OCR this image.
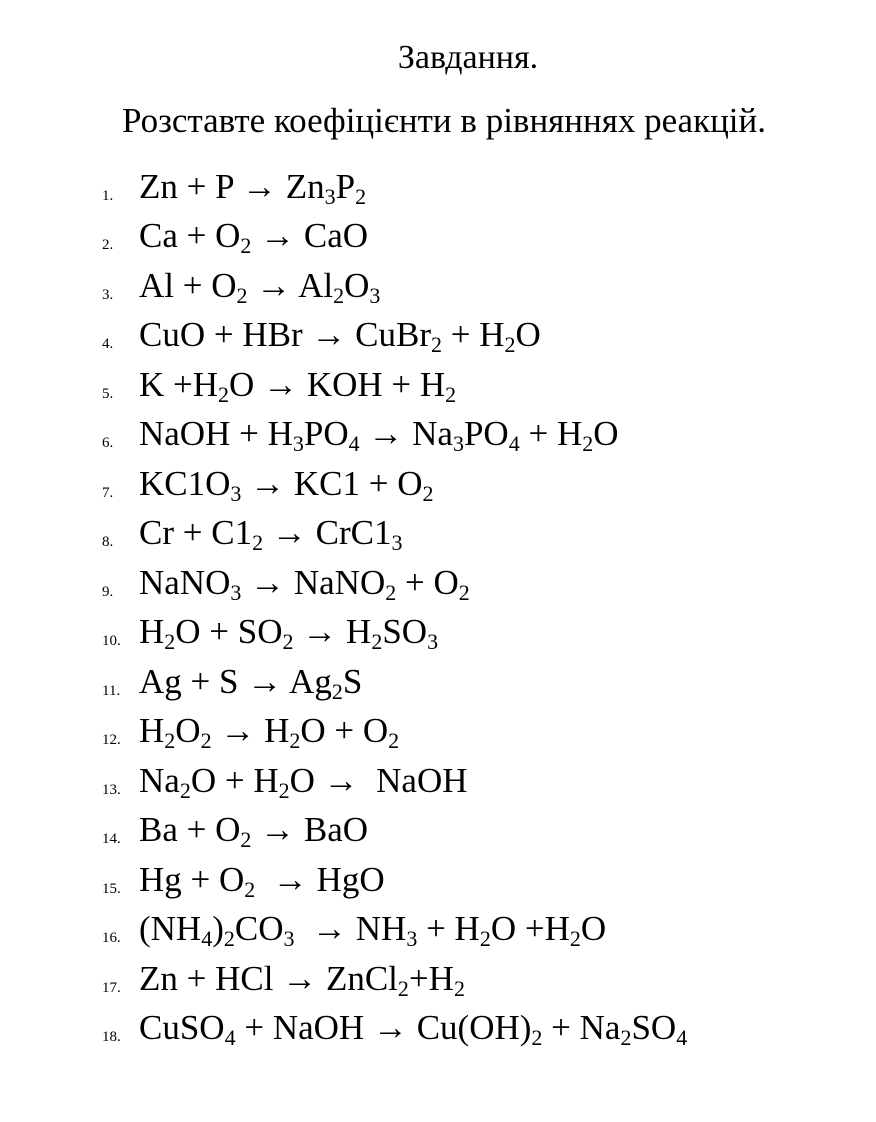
Завдання.
Розставте коефіцієнти в рівняннях реакцій.
1. $Zn + P \to Zn_3P_2$
2. $Ca + O_2$ → CaO
3. $Al + O_2 \to Al_2O_3$
4. CuO + HBr → CuBr$_2$ + $H_2O$
5. $K +H_2O$ → KOH + $H_2$
6. NaOH + $H_3PO_4 \to Na_3PO_4 + H_2O$
7. $KC1O_3 \to KC1 + O_2$
8. $Cr + C1_2 \to CrC1_3$
9. NaNO$_3$ → NaNO$_2$ + $O_2$
10. $H_2O + SO_2 \to H_2SO_3$
11. $Ag + S \to Ag_2S$
12. $H_2O_2 \to H_2O + O_2$
13. $Na_2O + H_2O$ →  NaOH
14. $Ba + O_2$ → BaO
15. $Hg + O_2$  → HgO
16. $(NH_4)_2CO_3 \to NH_3 + H_2O +H_2O$
17. Zn + HCl → $ZnCl_2+H_2$
18. CuSO$_4$ + NaOH → $Cu(OH)_2 + Na_2SO_4$
